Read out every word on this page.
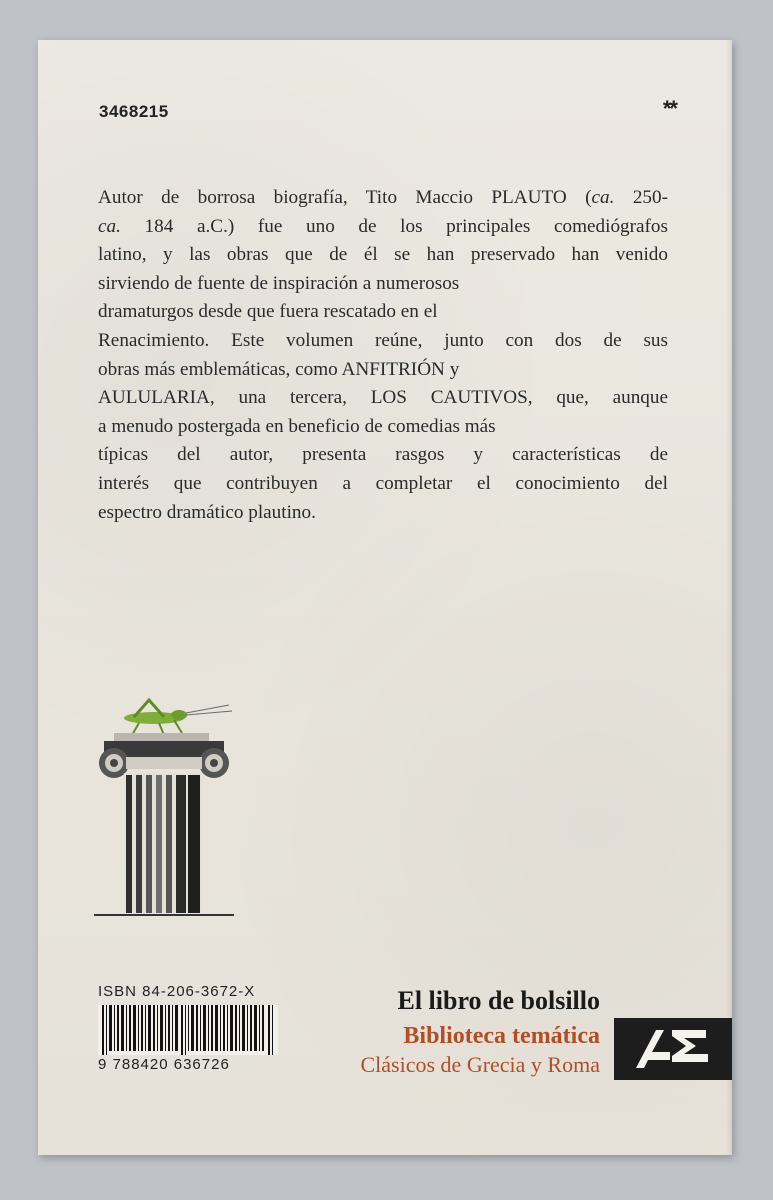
3468215	**

Autor de borrosa biografía, Tito Maccio PLAUTO (ca. 250-
ca. 184 a.C.) fue uno de los principales comediógrafos
latino, y las obras que de él se han preservado han venido
sirviendo de fuente de inspiración a numerosos
dramaturgos desde que fuera rescatado en el
Renacimiento. Este volumen reúne, junto con dos de sus
obras más emblemáticas, como ANFITRIÓN y
AULULARIA, una tercera, LOS CAUTIVOS, que, aunque
a menudo postergada en beneficio de comedias más
típicas del autor, presenta rasgos y características de
interés que contribuyen a completar el conocimiento del
espectro dramático plautino.

ISBN 84-206-3672-X
9 788420 636726
El libro de bolsillo
Biblioteca temática
Clásicos de Grecia y Roma
